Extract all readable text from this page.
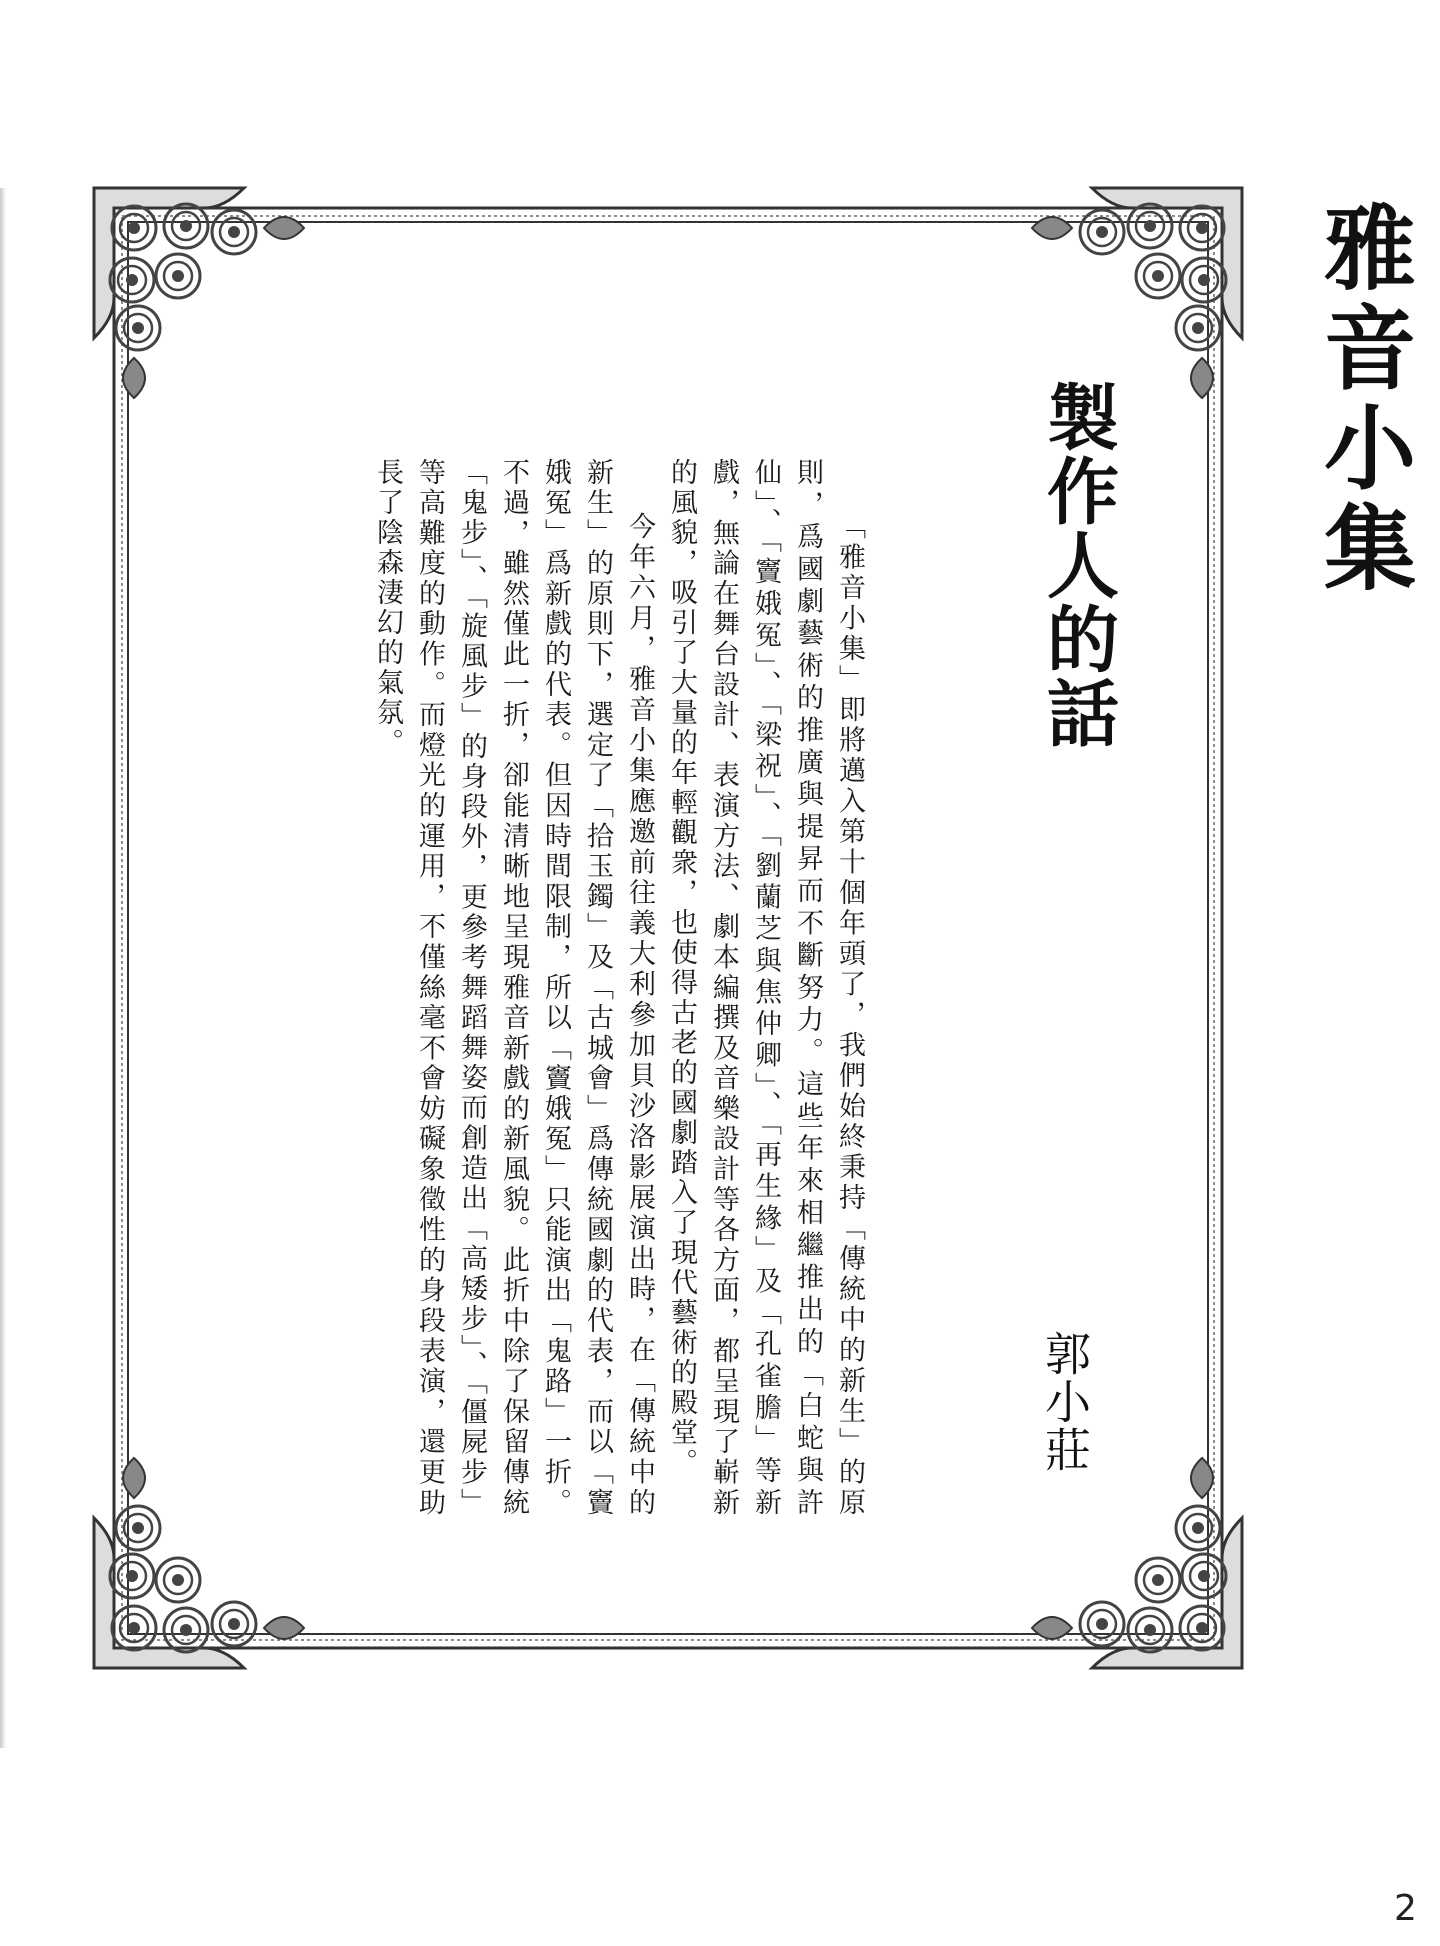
雅音小集
製作人的話
郭小莊

「雅音小集」即將邁入第十個年頭了，我們始終秉持「傳統中的新生」的原則，爲國劇藝術的推廣與提昇而不斷努力。這些年來相繼推出的「白蛇與許仙」、「竇娥冤」、「梁祝」、「劉蘭芝與焦仲卿」、「再生緣」及「孔雀膽」等新戲，無論在舞台設計、表演方法、劇本編撰及音樂設計等各方面，都呈現了嶄新的風貌，吸引了大量的年輕觀衆，也使得古老的國劇踏入了現代藝術的殿堂。

今年六月，雅音小集應邀前往義大利參加貝沙洛影展演出時，在「傳統中的新生」的原則下，選定了「拾玉鐲」及「古城會」爲傳統國劇的代表，而以「竇娥冤」爲新戲的代表。但因時間限制，所以「竇娥冤」只能演出「鬼路」一折。不過，雖然僅此一折，卻能清晰地呈現雅音新戲的新風貌。此折中除了保留傳統「鬼步」、「旋風步」的身段外，更參考舞蹈舞姿而創造出「高矮步」、「僵屍步」等高難度的動作。而燈光的運用，不僅絲毫不會妨礙象徵性的身段表演，還更助長了陰森淒幻的氣氛。

2
